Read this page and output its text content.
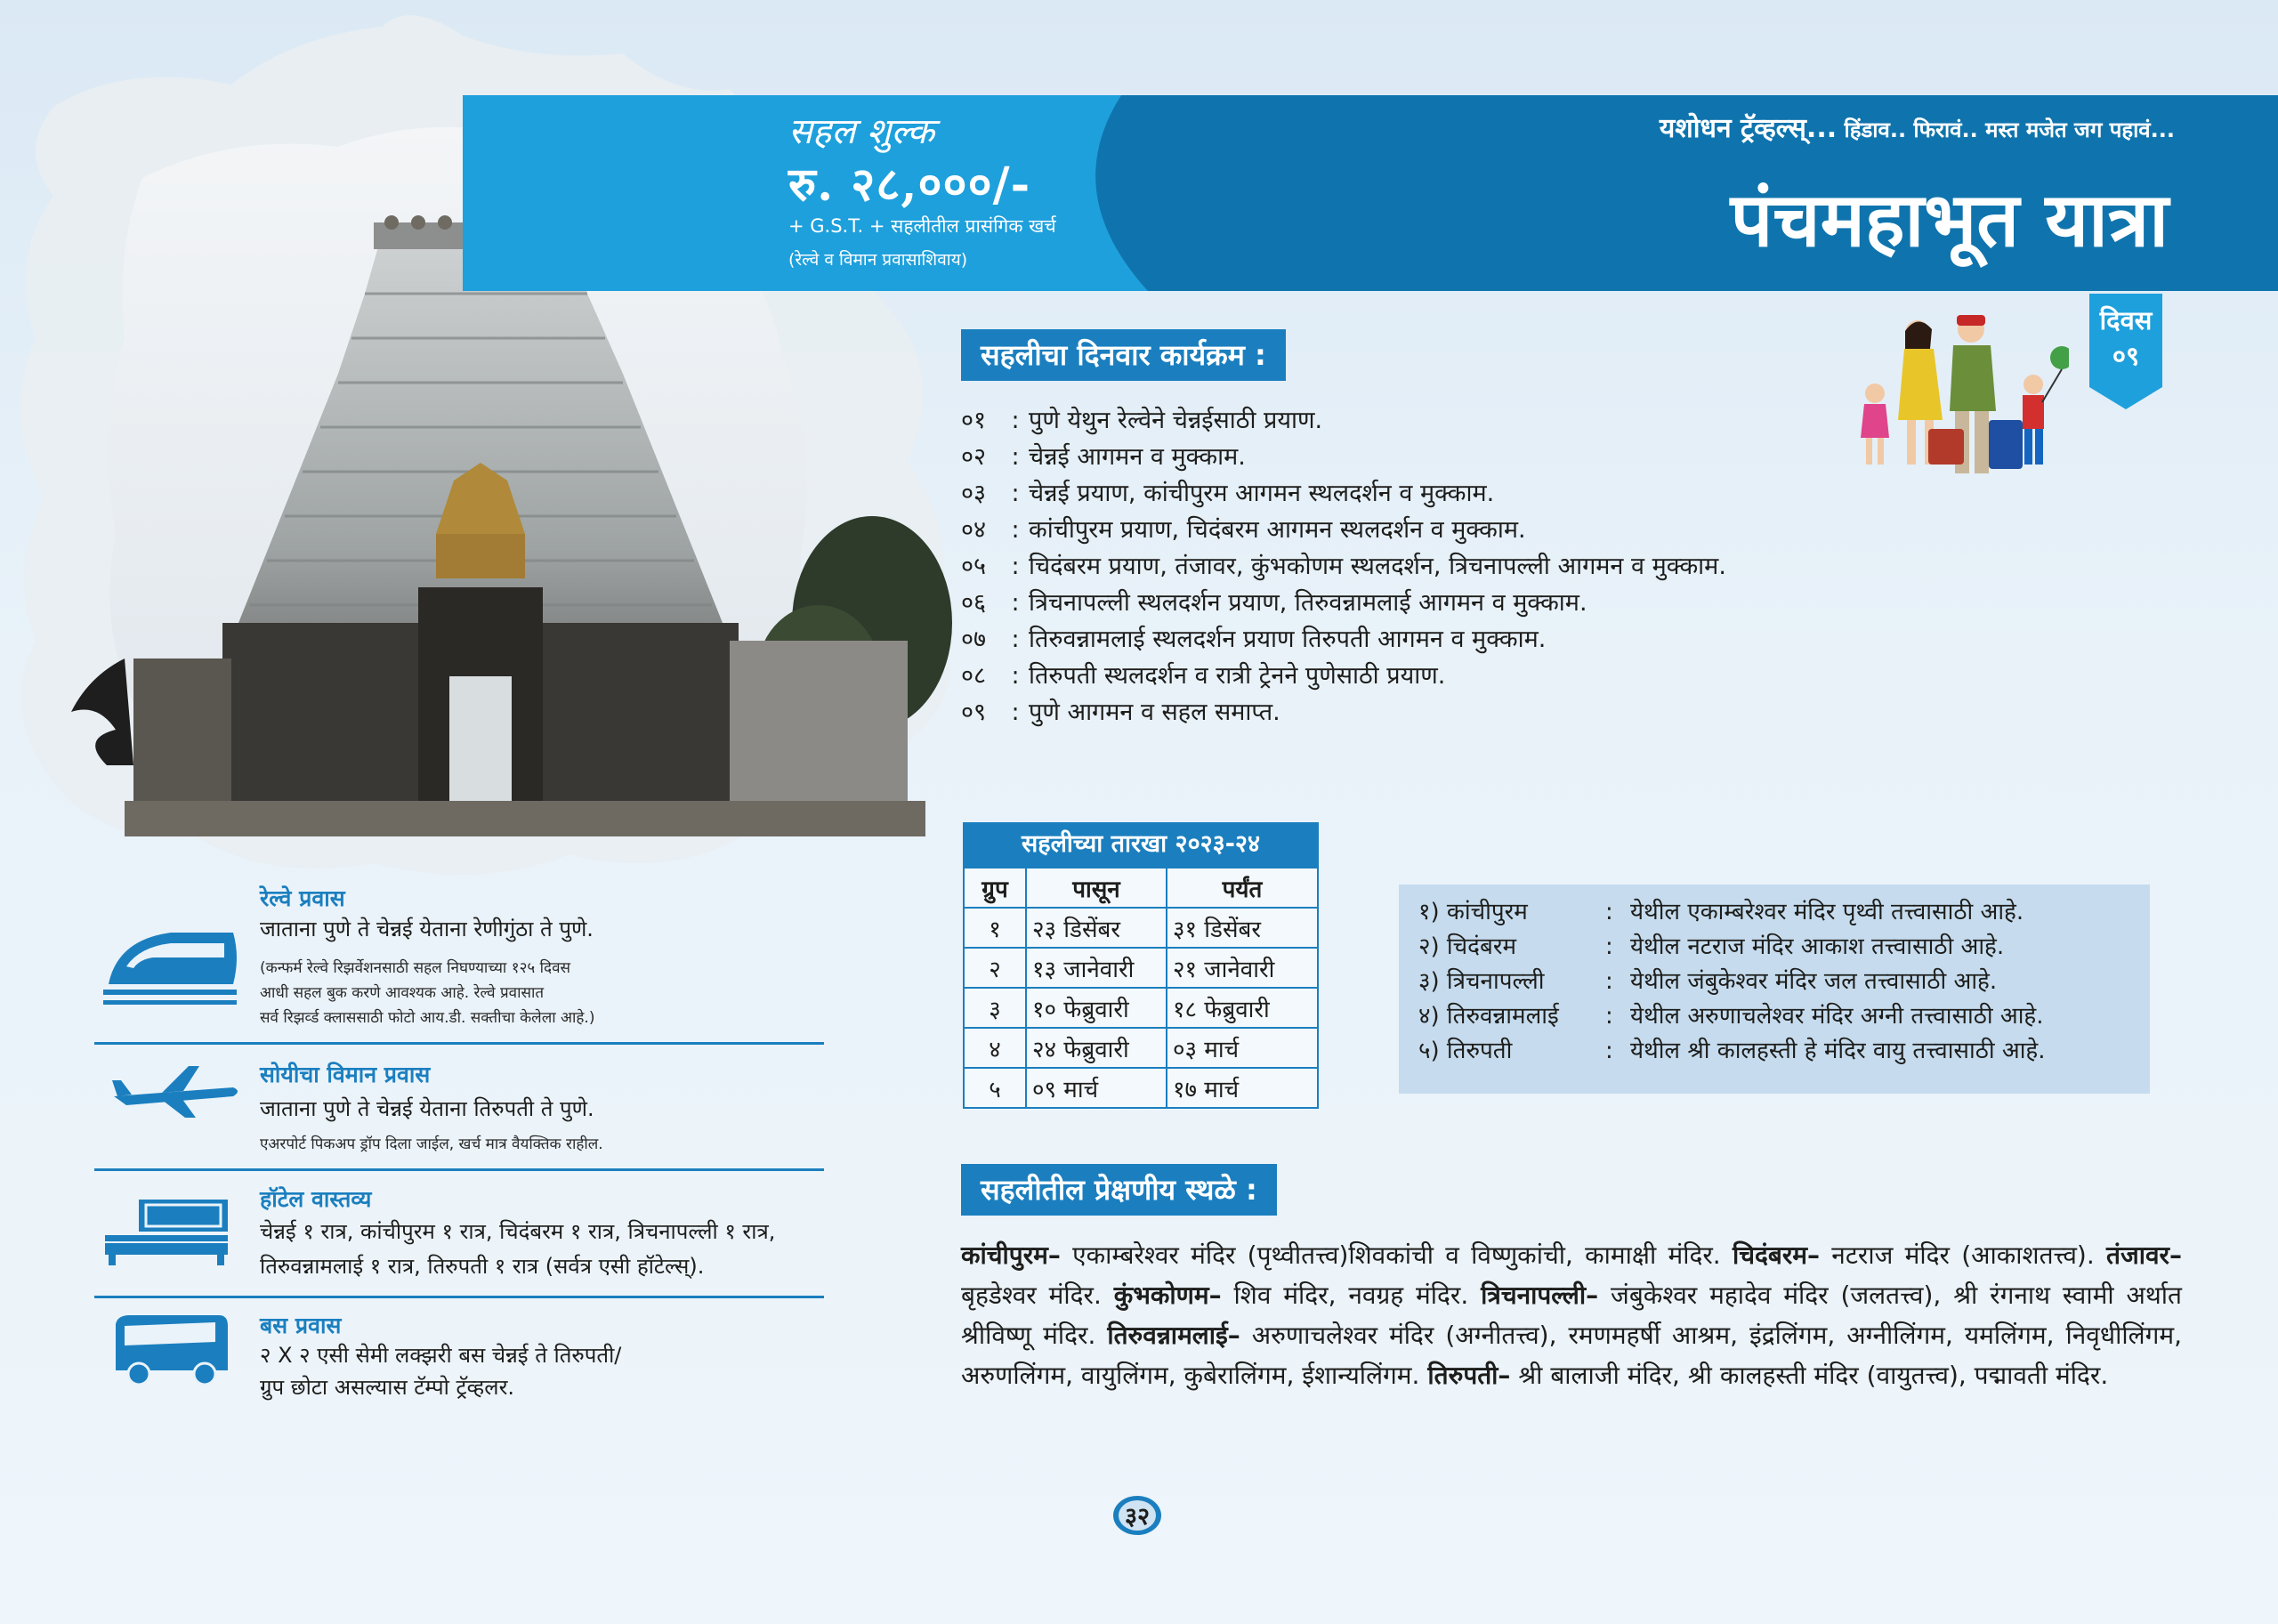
सहल शुल्क
रु. २८,०००/-
+ G.S.T. + सहलीतील प्रासंगिक खर्च
(रेल्वे व विमान प्रवासाशिवाय)
यशोधन ट्रॅव्हल्स्... हिंडाव.. फिरावं.. मस्त मजेत जग पहावं...
पंचमहाभूत यात्रा
दिवस
०९
सहलीचा दिनवार कार्यक्रम :
०१	: पुणे येथुन रेल्वेने चेन्नईसाठी प्रयाण.
०२	: चेन्नई आगमन व मुक्काम.
०३	: चेन्नई प्रयाण, कांचीपुरम आगमन स्थलदर्शन व मुक्काम.
०४	: कांचीपुरम प्रयाण, चिदंबरम आगमन स्थलदर्शन व मुक्काम.
०५	: चिदंबरम प्रयाण, तंजावर, कुंभकोणम स्थलदर्शन, त्रिचनापल्ली आगमन व मुक्काम.
०६	: त्रिचनापल्ली स्थलदर्शन प्रयाण, तिरुवन्नामलाई आगमन व मुक्काम.
०७	: तिरुवन्नामलाई स्थलदर्शन प्रयाण तिरुपती आगमन व मुक्काम.
०८	: तिरुपती स्थलदर्शन व रात्री ट्रेनने पुणेसाठी प्रयाण.
०९	: पुणे आगमन व सहल समाप्त.
सहलीच्या तारखा २०२३-२४
ग्रुप	पासून	पर्यंत
१	२३ डिसेंबर	३१ डिसेंबर
२	१३ जानेवारी	२१ जानेवारी
३	१० फेब्रुवारी	१८ फेब्रुवारी
४	२४ फेब्रुवारी	०३ मार्च
५	०९ मार्च	१७ मार्च
१) कांचीपुरम	: येथील एकाम्बरेश्वर मंदिर पृथ्वी तत्त्वासाठी आहे.
२) चिदंबरम	: येथील नटराज मंदिर आकाश तत्त्वासाठी आहे.
३) त्रिचनापल्ली	: येथील जंबुकेश्वर मंदिर जल तत्त्वासाठी आहे.
४) तिरुवन्नामलाई	: येथील अरुणाचलेश्वर मंदिर अग्नी तत्त्वासाठी आहे.
५) तिरुपती	: येथील श्री कालहस्ती हे मंदिर वायु तत्त्वासाठी आहे.
सहलीतील प्रेक्षणीय स्थळे :
कांचीपुरम– एकाम्बरेश्वर मंदिर (पृथ्वीतत्त्व)शिवकांची व विष्णुकांची, कामाक्षी मंदिर. चिदंबरम– नटराज मंदिर (आकाशतत्त्व). तंजावर– बृहडेश्वर मंदिर. कुंभकोणम– शिव मंदिर, नवग्रह मंदिर. त्रिचनापल्ली– जंबुकेश्वर महादेव मंदिर (जलतत्त्व), श्री रंगनाथ स्वामी अर्थात श्रीविष्णू मंदिर. तिरुवन्नामलाई– अरुणाचलेश्वर मंदिर (अग्नीतत्त्व), रमणमहर्षी आश्रम, इंद्रलिंगम, अग्नीलिंगम, यमलिंगम, निवृधीलिंगम, अरुणलिंगम, वायुलिंगम, कुबेरालिंगम, ईशान्यलिंगम. तिरुपती– श्री बालाजी मंदिर, श्री कालहस्ती मंदिर (वायुतत्त्व), पद्मावती मंदिर.
रेल्वे प्रवास
जाताना पुणे ते चेन्नई येताना रेणीगुंठा ते पुणे.
(कन्फर्म रेल्वे रिझर्वेशनसाठी सहल निघण्याच्या १२५ दिवस
आधी सहल बुक करणे आवश्यक आहे. रेल्वे प्रवासात
सर्व रिझर्व्ड क्लाससाठी फोटो आय.डी. सक्तीचा केलेला आहे.)
सोयीचा विमान प्रवास
जाताना पुणे ते चेन्नई येताना तिरुपती ते पुणे.
एअरपोर्ट पिकअप ड्रॉप दिला जाईल, खर्च मात्र वैयक्तिक राहील.
हॉटेल वास्तव्य
चेन्नई १ रात्र, कांचीपुरम १ रात्र, चिदंबरम १ रात्र, त्रिचनापल्ली १ रात्र,
तिरुवन्नामलाई १ रात्र, तिरुपती १ रात्र (सर्वत्र एसी हॉटेल्स्).
बस प्रवास
२ X २ एसी सेमी लक्झरी बस चेन्नई ते तिरुपती/
ग्रुप छोटा असल्यास टॅम्पो ट्रॅव्हलर.
३२
